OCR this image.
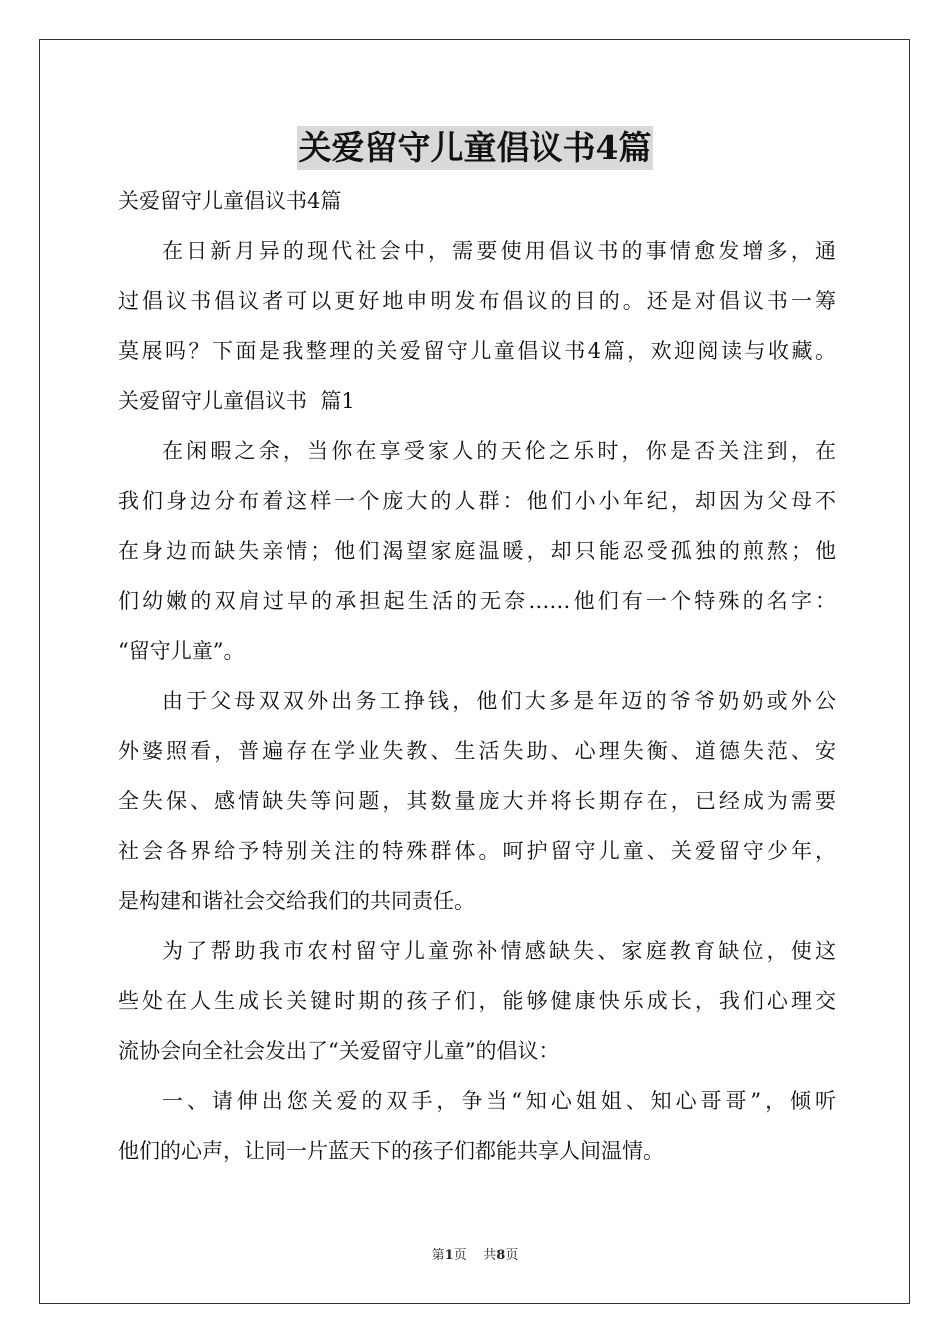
关爱留守儿童倡议书4篇
关爱留守儿童倡议书4篇
在日新月异的现代社会中，需要使用倡议书的事情愈发增多，通
过倡议书倡议者可以更好地申明发布倡议的目的。还是对倡议书一筹
莫展吗？下面是我整理的关爱留守儿童倡议书4篇，欢迎阅读与收藏。
关爱留守儿童倡议书  篇1
在闲暇之余，当你在享受家人的天伦之乐时，你是否关注到，在
我们身边分布着这样一个庞大的人群：他们小小年纪，却因为父母不
在身边而缺失亲情；他们渴望家庭温暖，却只能忍受孤独的煎熬；他
们幼嫩的双肩过早的承担起生活的无奈……他们有一个特殊的名字：
“留守儿童”。
由于父母双双外出务工挣钱，他们大多是年迈的爷爷奶奶或外公
外婆照看，普遍存在学业失教、生活失助、心理失衡、道德失范、安
全失保、感情缺失等问题，其数量庞大并将长期存在，已经成为需要
社会各界给予特别关注的特殊群体。呵护留守儿童、关爱留守少年，
是构建和谐社会交给我们的共同责任。
为了帮助我市农村留守儿童弥补情感缺失、家庭教育缺位，使这
些处在人生成长关键时期的孩子们，能够健康快乐成长，我们心理交
流协会向全社会发出了“关爱留守儿童”的倡议：
一、请伸出您关爱的双手，争当“知心姐姐、知心哥哥”，倾听
他们的心声，让同一片蓝天下的孩子们都能共享人间温情。
第1页 共8页
